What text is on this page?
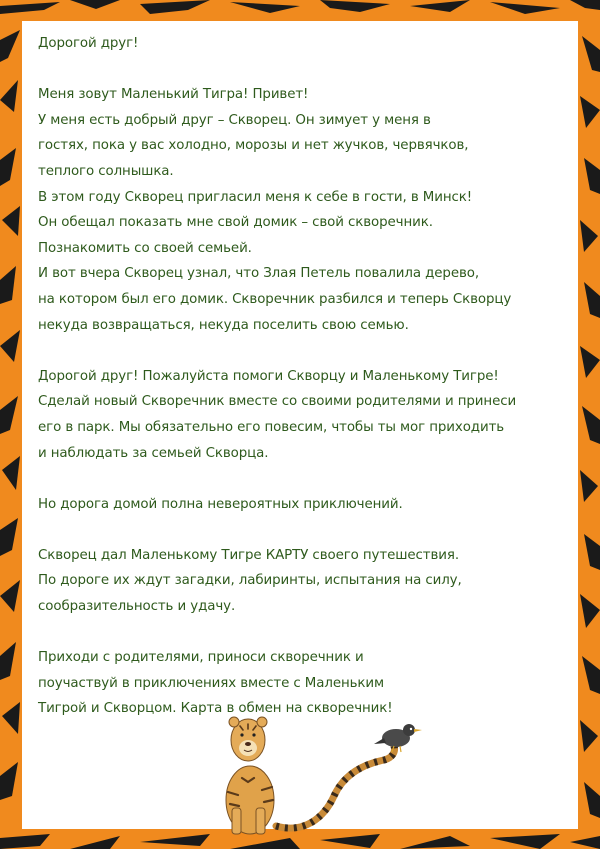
Дорогой друг!
Меня зовут Маленький Тигра! Привет!
У меня есть добрый друг – Скворец. Он зимует у меня в
гостях, пока у вас холодно, морозы и нет жучков, червячков,
теплого солнышка.
В этом году Скворец пригласил меня к себе в гости, в Минск!
Он обещал показать мне свой домик – свой скворечник.
Познакомить со своей семьей.
И вот вчера Скворец узнал, что Злая Петель повалила дерево,
на котором был его домик. Скворечник разбился и теперь Скворцу
некуда возвращаться, некуда поселить свою семью.
Дорогой друг! Пожалуйста помоги Скворцу и Маленькому Тигре!
Сделай новый Скворечник вместе со своими родителями и принеси
его в парк. Мы обязательно его повесим, чтобы ты мог приходить
и наблюдать за семьей Скворца.
Но дорога домой полна невероятных приключений.
Скворец дал Маленькому Тигре КАРТУ своего путешествия.
По дороге их ждут загадки, лабиринты, испытания на силу,
сообразительность и удачу.
Приходи с родителями, приноси скворечник и
поучаствуй в приключениях вместе с Маленьким
Тигрой и Скворцом. Карта в обмен на скворечник!
